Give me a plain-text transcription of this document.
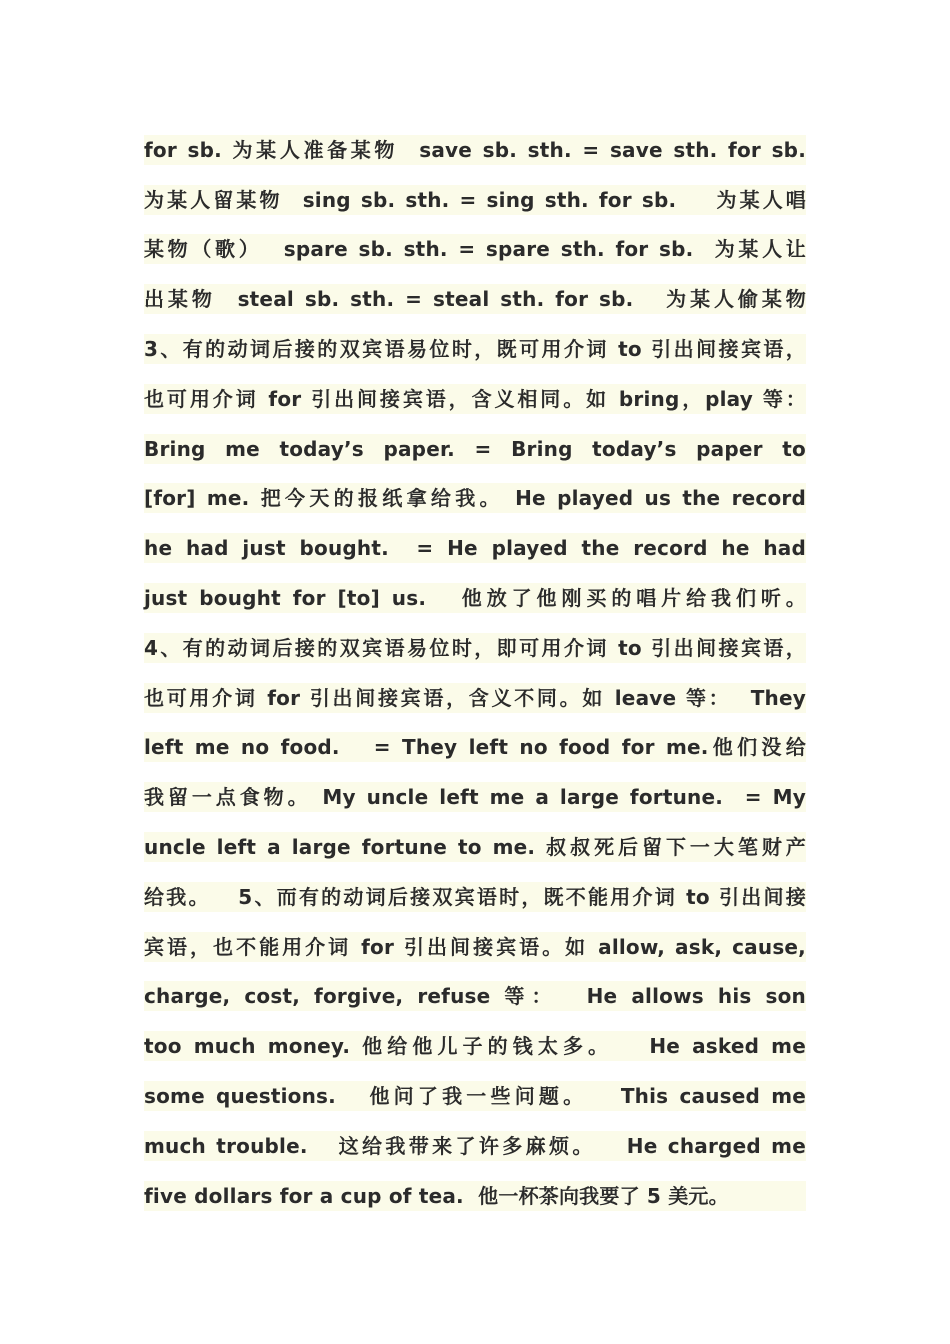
for sb. 为某人准备某物  save sb. sth. = save sth. for sb.
为某人留某物  sing sb. sth. = sing sth. for sb.    为某人唱
某物（歌）  spare sb. sth. = spare sth. for sb.  为某人让
出某物  steal sb. sth. = steal sth. for sb.   为某人偷某物
3、有的动词后接的双宾语易位时，既可用介词 to 引出间接宾语，
也可用介词 for 引出间接宾语，含义相同。如 bring，play 等：
Bring me today’s paper. = Bring today’s paper to
[for] me. 把今天的报纸拿给我。 He played us the record
he had just bought.  = He played the record he had
just bought for [to] us.   他放了他刚买的唱片给我们听。
4、有的动词后接的双宾语易位时，即可用介词 to 引出间接宾语，
也可用介词 for 引出间接宾语，含义不同。如 leave 等：  They
left me no food.   = They left no food for me.他们没给
我留一点食物。 My uncle left me a large fortune.  = My
uncle left a large fortune to me. 叔叔死后留下一大笔财产
给我。   5、而有的动词后接双宾语时，既不能用介词 to 引出间接
宾语，也不能用介词 for 引出间接宾语。如 allow, ask, cause,
charge, cost, forgive, refuse 等：  He allows his son
too much money. 他给他儿子的钱太多。   He asked me
some questions.   他问了我一些问题。   This caused me
much trouble.   这给我带来了许多麻烦。   He charged me
five dollars for a cup of tea.  他一杯茶向我要了 5 美元。
